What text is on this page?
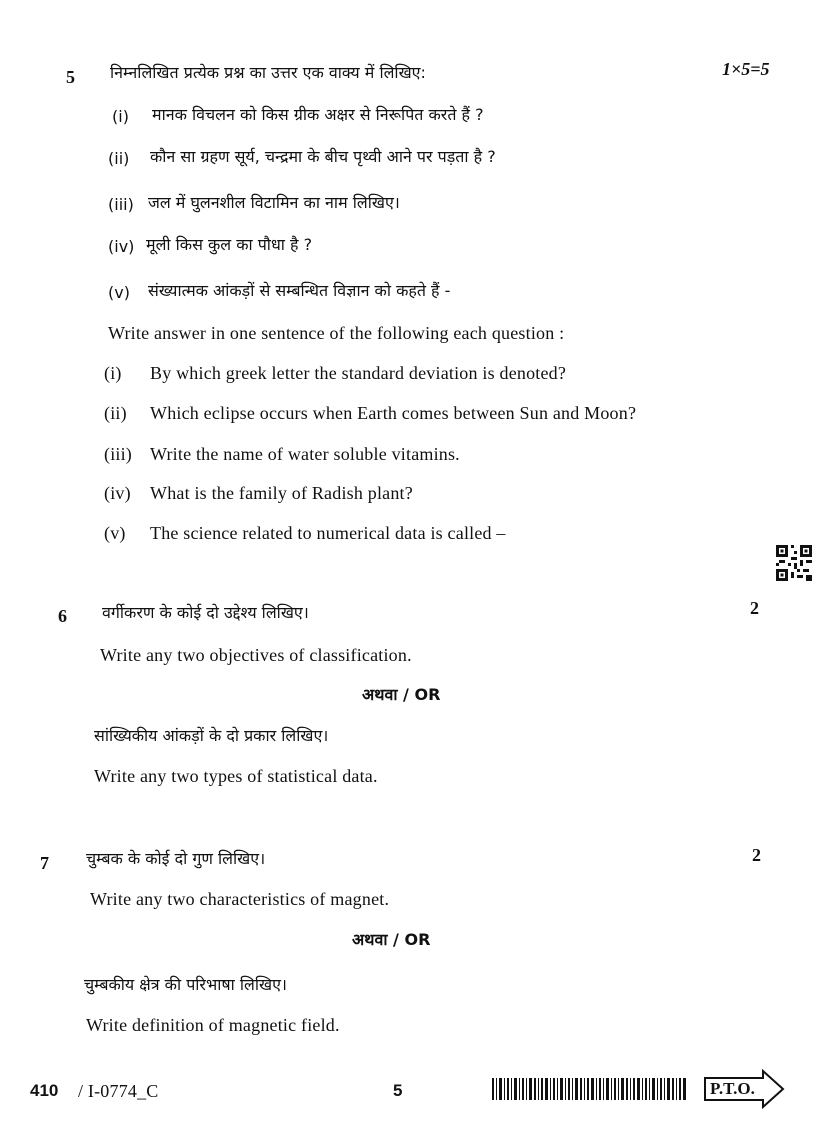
5 निम्नलिखित प्रत्येक प्रश्न का उत्तर एक वाक्य में लिखिए:	1×5=5
(i) मानक विचलन को किस ग्रीक अक्षर से निरूपित करते हैं ?
(ii) कौन सा ग्रहण सूर्य, चन्द्रमा के बीच पृथ्वी आने पर पड़ता है ?
(iii) जल में घुलनशील विटामिन का नाम लिखिए।
(iv) मूली किस कुल का पौधा है ?
(v) संख्यात्मक आंकड़ों से सम्बन्धित विज्ञान को कहते हैं -
Write answer in one sentence of the following each question :
(i) By which greek letter the standard deviation is denoted?
(ii) Which eclipse occurs when Earth comes between Sun and Moon?
(iii) Write the name of water soluble vitamins.
(iv) What is the family of Radish plant?
(v) The science related to numerical data is called –
6 वर्गीकरण के कोई दो उद्देश्य लिखिए।	2
Write any two objectives of classification.
अथवा / OR
सांख्यिकीय आंकड़ों के दो प्रकार लिखिए।
Write any two types of statistical data.
7 चुम्बक के कोई दो गुण लिखिए।	2
Write any two characteristics of magnet.
अथवा / OR
चुम्बकीय क्षेत्र की परिभाषा लिखिए।
Write definition of magnetic field.
410 / I-0774_C	5	P.T.O.
